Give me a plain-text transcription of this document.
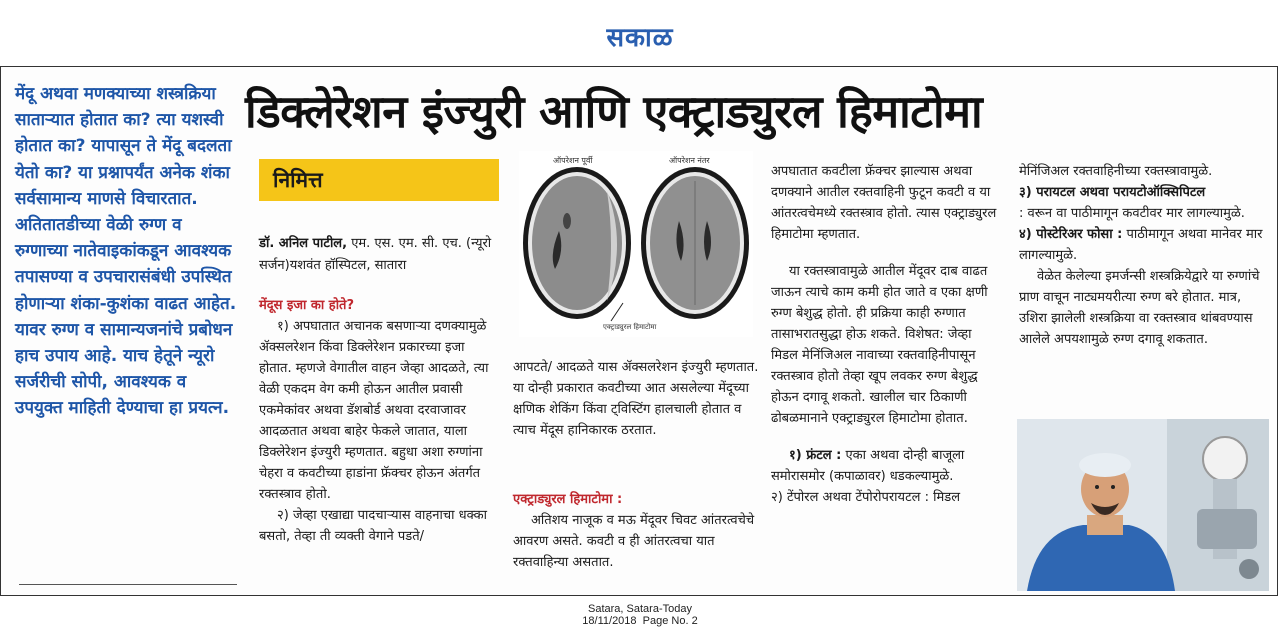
सकाळ
मेंदू अथवा मणक्याच्या शस्त्रक्रिया साताऱ्यात होतात का? त्या यशस्वी होतात का? यापासून ते मेंदू बदलता येतो का? या प्रश्नापर्यंत अनेक शंका सर्वसामान्य माणसे विचारतात. अतितातडीच्या वेळी रुग्ण व रुग्णाच्या नातेवाइकांकडून आवश्यक तपासण्या व उपचारासंबंधी उपस्थित होणाऱ्या शंका-कुशंका वाढत आहेत. यावर रुग्ण व सामान्यजनांचे प्रबोधन हाच उपाय आहे. याच हेतूने न्यूरो सर्जरीची सोपी, आवश्यक व उपयुक्त माहिती देण्याचा हा प्रयत्न.
डिक्लेरेशन इंज्युरी आणि एक्ट्राड्युरल हिमाटोमा
निमित्त
डॉ. अनिल पाटील, एम. एस. एम. सी. एच. (न्यूरो सर्जन)यशवंत हॉस्पिटल, सातारा

मेंदूस इजा का होते?

१) अपघातात अचानक बसणाऱ्या दणक्यामुळे ॲक्सलरेशन किंवा डिक्लेरेशन प्रकारच्या इजा होतात. म्हणजे वेगातील वाहन जेव्हा आदळते, त्या वेळी एकदम वेग कमी होऊन आतील प्रवासी एकमेकांवर अथवा डॅशबोर्ड अथवा दरवाजावर आदळतात अथवा बाहेर फेकले जातात, याला डिक्लेरेशन इंज्युरी म्हणतात. बहुधा अशा रुग्णांना चेहरा व कवटीच्या हाडांना फ्रॅक्चर होऊन अंतर्गत रक्तस्त्राव होतो.

२) जेव्हा एखाद्या पादचाऱ्यास वाहनाचा धक्का बसतो, तेव्हा ती व्यक्ती वेगाने पडते/

ऑपरेशन पूर्वी	ऑपरेशन नंतर
एक्ट्राड्युरल हिमाटोमा

आपटते/ आदळते यास ॲक्सलरेशन इंज्युरी म्हणतात. या दोन्ही प्रकारात कवटीच्या आत असलेल्या मेंदूच्या क्षणिक शेकिंग किंवा ट्विस्टिंग हालचाली होतात व त्याच मेंदूस हानिकारक ठरतात.

एक्ट्राड्युरल हिमाटोमा :

अतिशय नाजूक व मऊ मेंदूवर चिवट आंतरत्वचेचे आवरण असते. कवटी व ही आंतरत्वचा यात रक्तवाहिन्या असतात.

अपघातात कवटीला फ्रॅक्चर झाल्यास अथवा दणक्याने आतील रक्तवाहिनी फुटून कवटी व या आंतरत्वचेमध्ये रक्तस्त्राव होतो. त्यास एक्ट्राड्युरल हिमाटोमा म्हणतात.

या रक्तस्त्रावामुळे आतील मेंदूवर दाब वाढत जाऊन त्याचे काम कमी होत जाते व एका क्षणी रुग्ण बेशुद्ध होतो. ही प्रक्रिया काही रुग्णात तासाभरातसुद्धा होऊ शकते. विशेषत: जेव्हा मिडल मेनिंजिअल नावाच्या रक्तवाहिनीपासून रक्तस्त्राव होतो तेव्हा खूप लवकर रुग्ण बेशुद्ध होऊन दगावू शकतो. खालील चार ठिकाणी ढोबळमानाने एक्ट्राड्युरल हिमाटोमा होतात.

१) फ्रंटल : एका अथवा दोन्ही बाजूला समोरासमोर (कपाळावर) धडकल्यामुळे.

२) टेंपोरल अथवा टेंपोरोपरायटल : मिडल

मेनिंजिअल रक्तवाहिनीच्या रक्तस्त्रावामुळे.

३) परायटल अथवा परायटोऑक्सिपिटल

: वरून वा पाठीमागून कवटीवर मार लागल्यामुळे.

४) पोस्टेरिअर फोसा : पाठीमागून अथवा मानेवर मार लागल्यामुळे.

वेळेत केलेल्या इमर्जन्सी शस्त्रक्रियेद्वारे या रुग्णांचे प्राण वाचून नाट्यमयरीत्या रुग्ण बरे होतात. मात्र, उशिरा झालेली शस्त्रक्रिया वा रक्तस्त्राव थांबवण्यास आलेले अपयशामुळे रुग्ण दगावू शकतात.

Satara, Satara-Today
18/11/2018  Page No. 2
